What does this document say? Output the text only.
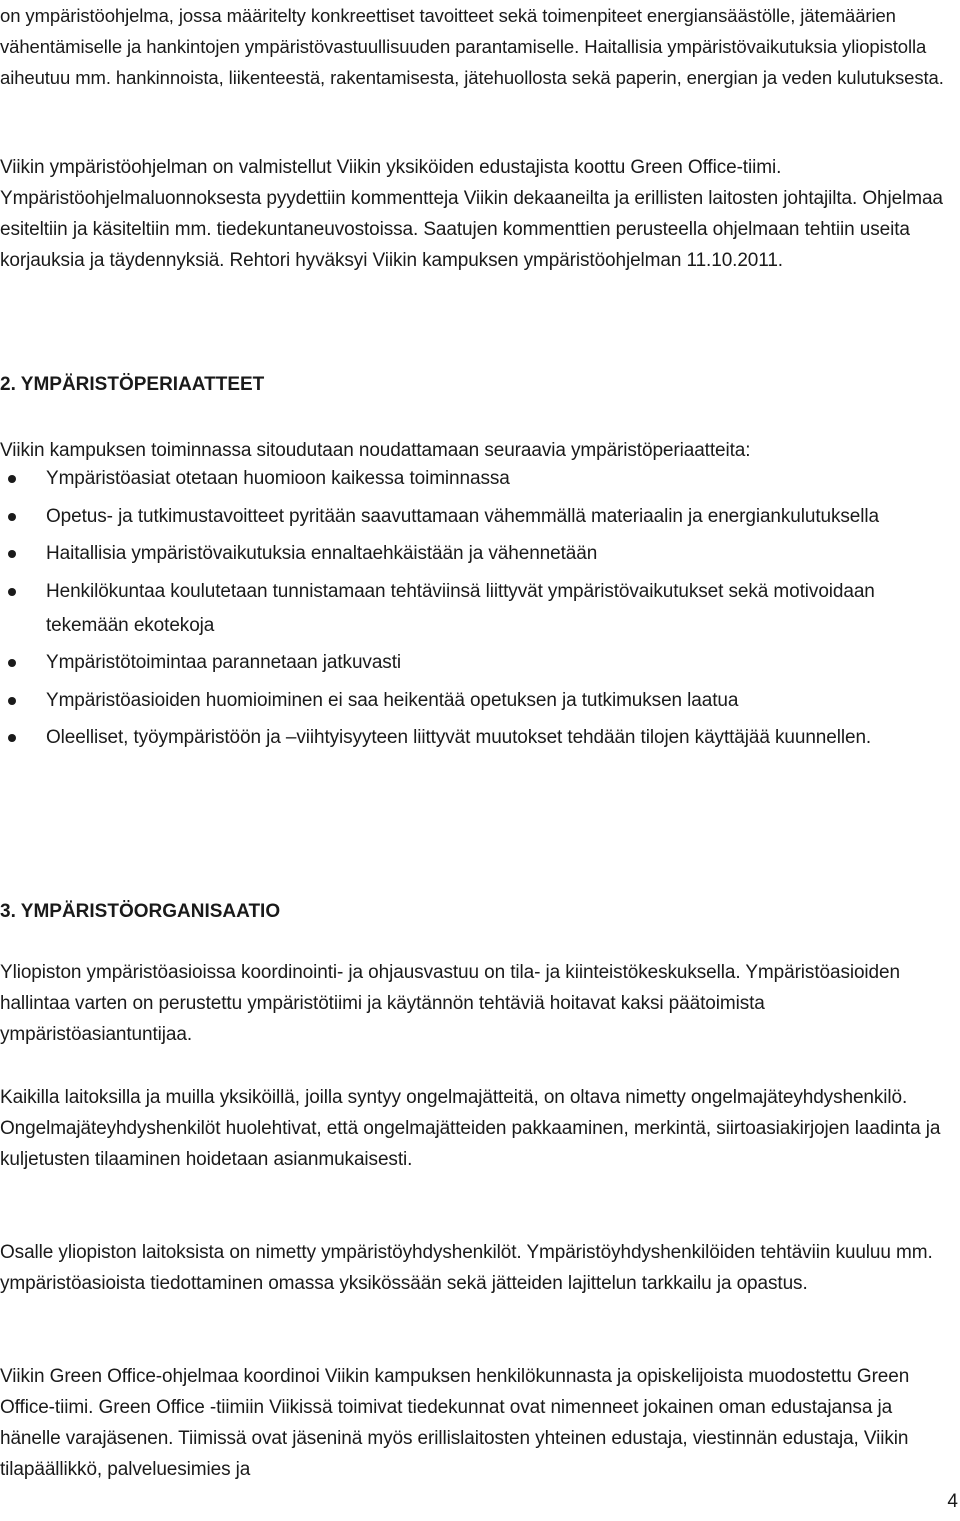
on ympäristöohjelma, jossa määritelty konkreettiset tavoitteet sekä toimenpiteet energiansäästölle, jätemäärien vähentämiselle ja hankintojen ympäristövastuullisuuden parantamiselle. Haitallisia ympäristövaikutuksia yliopistolla aiheutuu mm. hankinnoista, liikenteestä, rakentamisesta, jätehuollosta sekä paperin, energian ja veden kulutuksesta.

Viikin ympäristöohjelman on valmistellut Viikin yksiköiden edustajista koottu Green Office-tiimi. Ympäristöohjelmaluonnoksesta pyydettiin kommentteja Viikin dekaaneilta ja erillisten laitosten johtajilta. Ohjelmaa esiteltiin ja käsiteltiin mm. tiedekuntaneuvostoissa. Saatujen kommenttien perusteella ohjelmaan tehtiin useita korjauksia ja täydennyksiä. Rehtori hyväksyi Viikin kampuksen ympäristöohjelman 11.10.2011.

2. YMPÄRISTÖPERIAATTEET

Viikin kampuksen toiminnassa sitoudutaan noudattamaan seuraavia ympäristöperiaatteita:

Ympäristöasiat otetaan huomioon kaikessa toiminnassa
Opetus- ja tutkimustavoitteet pyritään saavuttamaan vähemmällä materiaalin ja energiankulutuksella
Haitallisia ympäristövaikutuksia ennaltaehkäistään ja vähennetään
Henkilökuntaa koulutetaan tunnistamaan tehtäviinsä liittyvät ympäristövaikutukset sekä motivoidaan tekemään ekotekoja
Ympäristötoimintaa parannetaan jatkuvasti
Ympäristöasioiden huomioiminen ei saa heikentää opetuksen ja tutkimuksen laatua
Oleelliset, työympäristöön ja –viihtyisyyteen liittyvät muutokset tehdään tilojen käyttäjää kuunnellen.
3. YMPÄRISTÖORGANISAATIO

Yliopiston ympäristöasioissa koordinointi- ja ohjausvastuu on tila- ja kiinteistökeskuksella. Ympäristöasioiden hallintaa varten on perustettu ympäristötiimi ja käytännön tehtäviä hoitavat kaksi päätoimista ympäristöasiantuntijaa.

Kaikilla laitoksilla ja muilla yksiköillä, joilla syntyy ongelmajätteitä, on oltava nimetty ongelmajäteyhdyshenkilö. Ongelmajäteyhdyshenkilöt huolehtivat, että ongelmajätteiden pakkaaminen, merkintä, siirtoasiakirjojen laadinta ja kuljetusten tilaaminen hoidetaan asianmukaisesti.

Osalle yliopiston laitoksista on nimetty ympäristöyhdyshenkilöt. Ympäristöyhdyshenkilöiden tehtäviin kuuluu mm. ympäristöasioista tiedottaminen omassa yksikössään sekä jätteiden lajittelun tarkkailu ja opastus.

Viikin Green Office-ohjelmaa koordinoi Viikin kampuksen henkilökunnasta ja opiskelijoista muodostettu Green Office-tiimi. Green Office -tiimiin Viikissä toimivat tiedekunnat ovat nimenneet jokainen oman edustajansa ja hänelle varajäsenen. Tiimissä ovat jäseninä myös erillislaitosten yhteinen edustaja, viestinnän edustaja, Viikin tilapäällikkö, palveluesimies ja

4
